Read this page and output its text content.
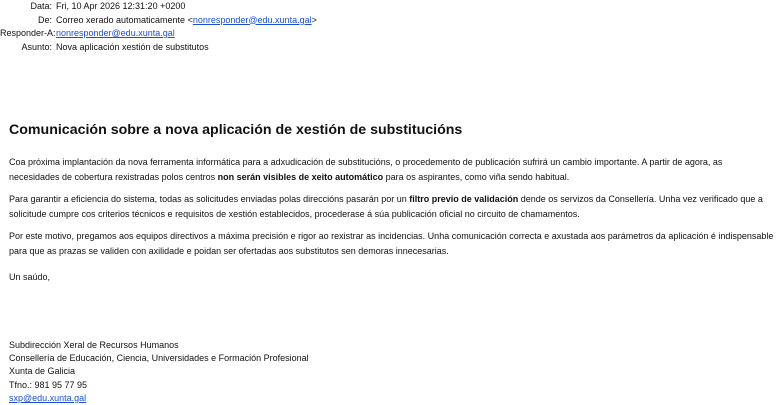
Data: Fri, 10 Apr 2026 12:31:20 +0200
De: Correo xerado automaticamente <nonresponder@edu.xunta.gal>
Responder-A: nonresponder@edu.xunta.gal
Asunto: Nova aplicación xestión de substitutos
Comunicación sobre a nova aplicación de xestión de substitucións

Coa próxima implantación da nova ferramenta informática para a adxudicación de substitucións, o procedemento de publicación sufrirá un cambio importante. A partir de agora, as necesidades de cobertura rexistradas polos centros non serán visibles de xeito automático para os aspirantes, como viña sendo habitual.

Para garantir a eficiencia do sistema, todas as solicitudes enviadas polas direccións pasarán por un filtro previo de validación dende os servizos da Consellería. Unha vez verificado que a solicitude cumpre cos criterios técnicos e requisitos de xestión establecidos, procederase á súa publicación oficial no circuito de chamamentos.

Por este motivo, pregamos aos equipos directivos a máxima precisión e rigor ao rexistrar as incidencias. Unha comunicación correcta e axustada aos parámetros da aplicación é indispensable para que as prazas se validen con axilidade e poidan ser ofertadas aos substitutos sen demoras innecesarias.

Un saúdo,
Subdirección Xeral de Recursos Humanos
Consellería de Educación, Ciencia, Universidades e Formación Profesional
Xunta de Galicia
Tfno.: 981 95 77 95
sxp@edu.xunta.gal
